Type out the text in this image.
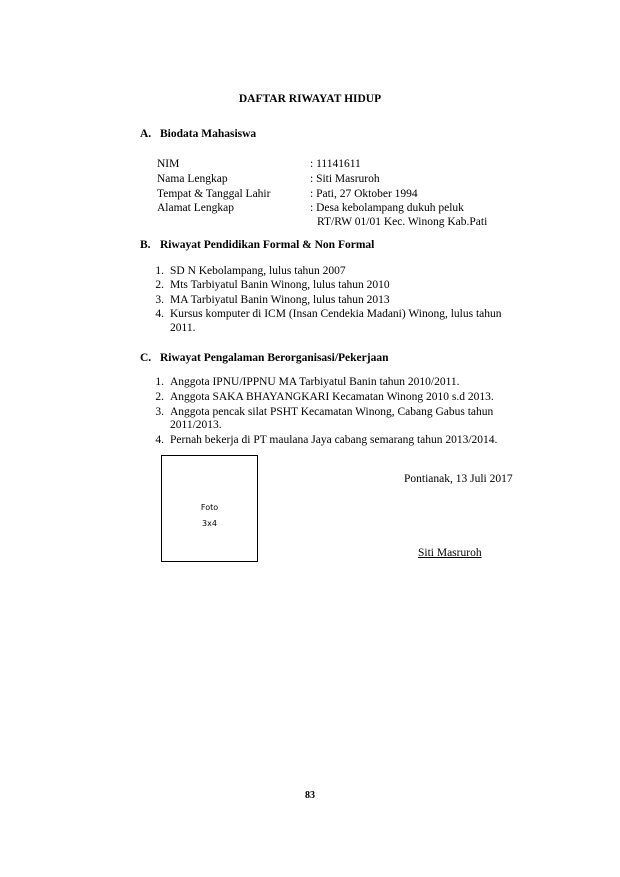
DAFTAR RIWAYAT HIDUP
A. Biodata Mahasiswa
NIM	: 11141611
Nama Lengkap	: Siti Masruroh
Tempat & Tanggal Lahir	: Pati, 27 Oktober 1994
Alamat Lengkap	: Desa kebolampang dukuh peluk
RT/RW 01/01 Kec. Winong Kab.Pati
B. Riwayat Pendidikan Formal & Non Formal
1. SD N Kebolampang, lulus tahun 2007
2. Mts Tarbiyatul Banin Winong, lulus tahun 2010
3. MA Tarbiyatul Banin Winong, lulus tahun 2013
4. Kursus komputer di ICM (Insan Cendekia Madani) Winong, lulus tahun
2011.
C. Riwayat Pengalaman Berorganisasi/Pekerjaan
1. Anggota IPNU/IPPNU MA Tarbiyatul Banin tahun 2010/2011.
2. Anggota SAKA BHAYANGKARI Kecamatan Winong 2010 s.d 2013.
3. Anggota pencak silat PSHT Kecamatan Winong, Cabang Gabus tahun
2011/2013.
4. Pernah bekerja di PT maulana Jaya cabang semarang tahun 2013/2014.
Foto
3x4
Pontianak, 13 Juli 2017
Siti Masruroh
83
